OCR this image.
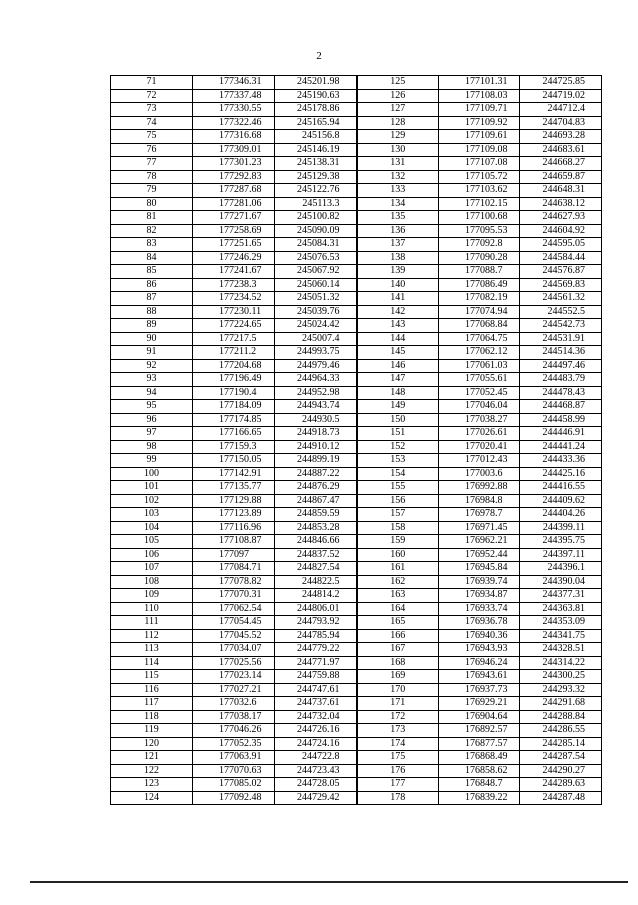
2
71	177346.31	245201.98	125	177101.31	244725.85
72	177337.48	245190.63	126	177108.03	244719.02
73	177330.55	245178.86	127	177109.71	244712.4
74	177322.46	245165.94	128	177109.92	244704.83
75	177316.68	245156.8	129	177109.61	244693.28
76	177309.01	245146.19	130	177109.08	244683.61
77	177301.23	245138.31	131	177107.08	244668.27
78	177292.83	245129.38	132	177105.72	244659.87
79	177287.68	245122.76	133	177103.62	244648.31
80	177281.06	245113.3	134	177102.15	244638.12
81	177271.67	245100.82	135	177100.68	244627.93
82	177258.69	245090.09	136	177095.53	244604.92
83	177251.65	245084.31	137	177092.8	244595.05
84	177246.29	245076.53	138	177090.28	244584.44
85	177241.67	245067.92	139	177088.7	244576.87
86	177238.3	245060.14	140	177086.49	244569.83
87	177234.52	245051.32	141	177082.19	244561.32
88	177230.11	245039.76	142	177074.94	244552.5
89	177224.65	245024.42	143	177068.84	244542.73
90	177217.5	245007.4	144	177064.75	244531.91
91	177211.2	244993.75	145	177062.12	244514.36
92	177204.68	244979.46	146	177061.03	244497.46
93	177196.49	244964.33	147	177055.61	244483.79
94	177190.4	244952.98	148	177052.45	244478.43
95	177184.09	244943.74	149	177046.04	244468.87
96	177174.85	244930.5	150	177038.27	244458.99
97	177166.65	244918.73	151	177026.61	244446.91
98	177159.3	244910.12	152	177020.41	244441.24
99	177150.05	244899.19	153	177012.43	244433.36
100	177142.91	244887.22	154	177003.6	244425.16
101	177135.77	244876.29	155	176992.88	244416.55
102	177129.88	244867.47	156	176984.8	244409.62
103	177123.89	244859.59	157	176978.7	244404.26
104	177116.96	244853.28	158	176971.45	244399.11
105	177108.87	244846.66	159	176962.21	244395.75
106	177097	244837.52	160	176952.44	244397.11
107	177084.71	244827.54	161	176945.84	244396.1
108	177078.82	244822.5	162	176939.74	244390.04
109	177070.31	244814.2	163	176934.87	244377.31
110	177062.54	244806.01	164	176933.74	244363.81
111	177054.45	244793.92	165	176936.78	244353.09
112	177045.52	244785.94	166	176940.36	244341.75
113	177034.07	244779.22	167	176943.93	244328.51
114	177025.56	244771.97	168	176946.24	244314.22
115	177023.14	244759.88	169	176943.61	244300.25
116	177027.21	244747.61	170	176937.73	244293.32
117	177032.6	244737.61	171	176929.21	244291.68
118	177038.17	244732.04	172	176904.64	244288.84
119	177046.26	244726.16	173	176892.57	244286.55
120	177052.35	244724.16	174	176877.57	244285.14
121	177063.91	244722.8	175	176868.49	244287.54
122	177070.63	244723.43	176	176858.62	244290.27
123	177085.02	244728.05	177	176848.7	244289.63
124	177092.48	244729.42	178	176839.22	244287.48
